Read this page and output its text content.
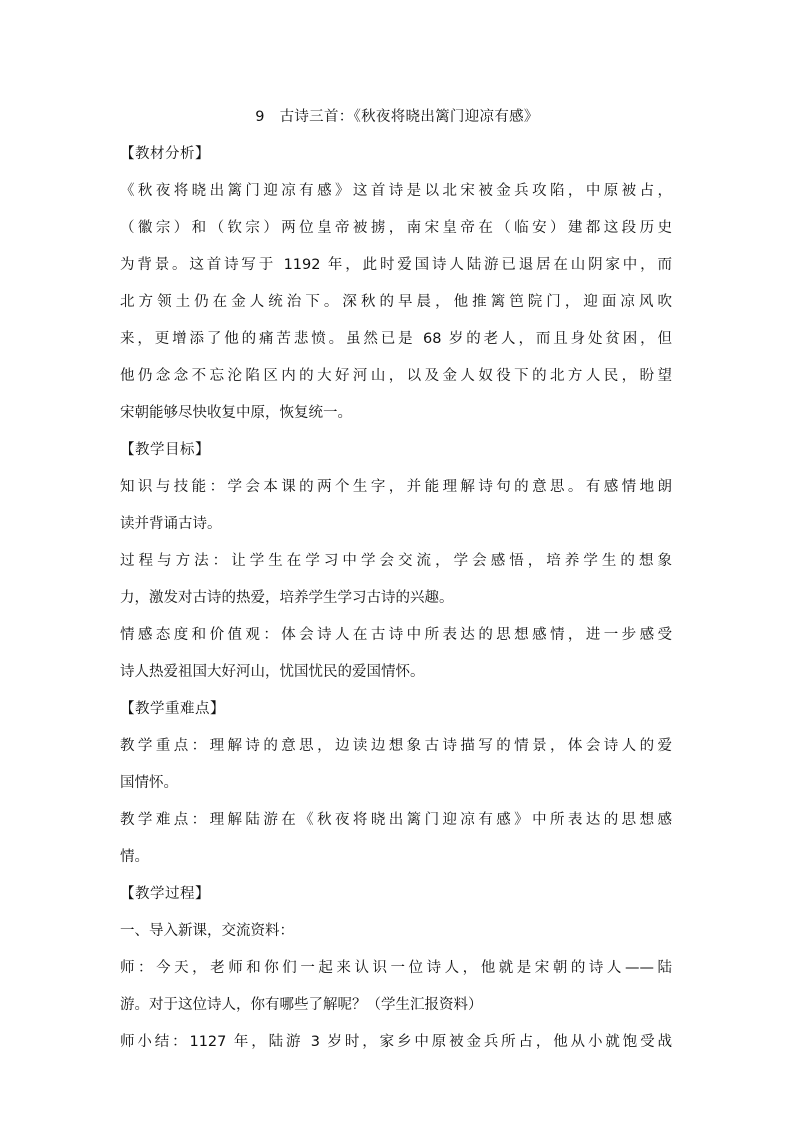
9　古诗三首：《秋夜将晓出篱门迎凉有感》
【教材分析】
《秋夜将晓出篱门迎凉有感》这首诗是以北宋被金兵攻陷，中原被占，
（徽宗）和（钦宗）两位皇帝被掳，南宋皇帝在（临安）建都这段历史
为背景。这首诗写于 1192 年，此时爱国诗人陆游已退居在山阴家中，而
北方领土仍在金人统治下。深秋的早晨，他推篱笆院门，迎面凉风吹
来，更增添了他的痛苦悲愤。虽然已是 68 岁的老人，而且身处贫困，但
他仍念念不忘沦陷区内的大好河山，以及金人奴役下的北方人民，盼望
宋朝能够尽快收复中原，恢复统一。
【教学目标】
知识与技能：学会本课的两个生字，并能理解诗句的意思。有感情地朗
读并背诵古诗。
过程与方法：让学生在学习中学会交流，学会感悟，培养学生的想象
力，激发对古诗的热爱，培养学生学习古诗的兴趣。
情感态度和价值观：体会诗人在古诗中所表达的思想感情，进一步感受
诗人热爱祖国大好河山，忧国忧民的爱国情怀。
【教学重难点】
教学重点：理解诗的意思，边读边想象古诗描写的情景，体会诗人的爱
国情怀。
教学难点：理解陆游在《秋夜将晓出篱门迎凉有感》中所表达的思想感
情。
【教学过程】
一、导入新课，交流资料：
师：今天，老师和你们一起来认识一位诗人，他就是宋朝的诗人——陆
游。对于这位诗人，你有哪些了解呢？（学生汇报资料）
师小结：1127 年，陆游 3 岁时，家乡中原被金兵所占，他从小就饱受战
